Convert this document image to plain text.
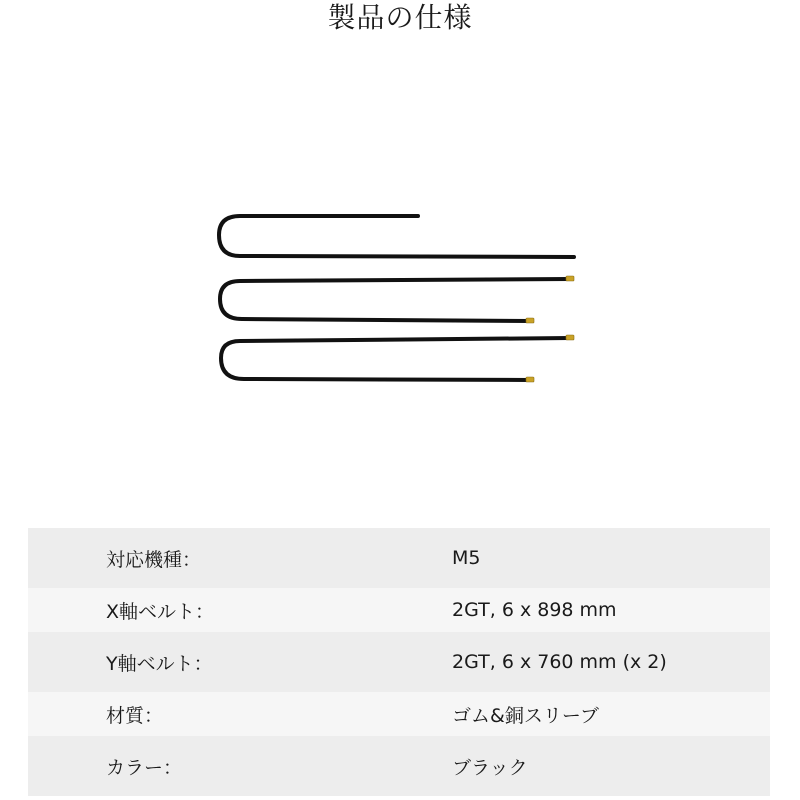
製品の仕様
対応機種：	M5
X軸ベルト：	2GT, 6 x 898 mm
Y軸ベルト：	2GT, 6 x 760 mm (x 2)
材質：	ゴム&銅スリーブ
カラー：	ブラック
